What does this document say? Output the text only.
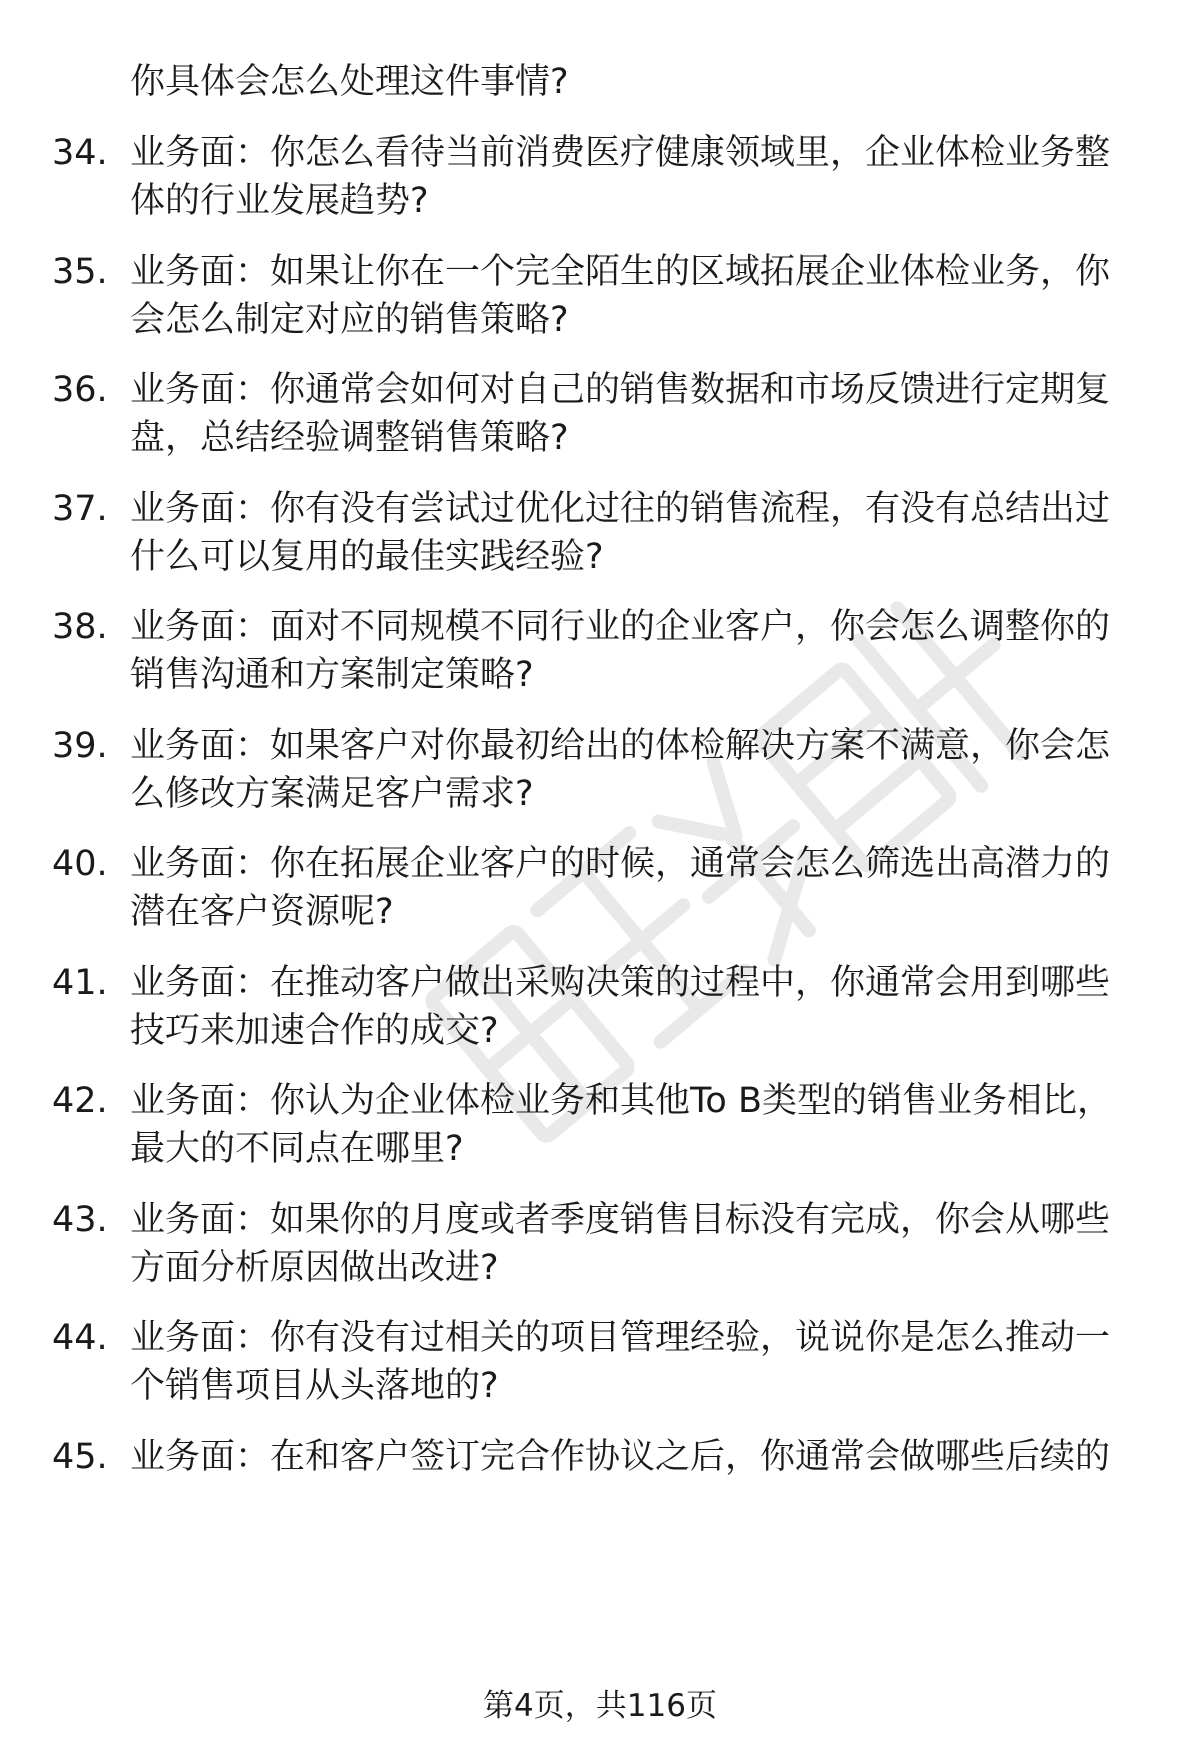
你具体会怎么处理这件事情?
34. 业务面：你怎么看待当前消费医疗健康领域里，企业体检业务整
体的行业发展趋势?
35. 业务面：如果让你在一个完全陌生的区域拓展企业体检业务，你
会怎么制定对应的销售策略?
36. 业务面：你通常会如何对自己的销售数据和市场反馈进行定期复
盘，总结经验调整销售策略?
37. 业务面：你有没有尝试过优化过往的销售流程，有没有总结出过
什么可以复用的最佳实践经验?
38. 业务面：面对不同规模不同行业的企业客户，你会怎么调整你的
销售沟通和方案制定策略?
39. 业务面：如果客户对你最初给出的体检解决方案不满意，你会怎
么修改方案满足客户需求?
40. 业务面：你在拓展企业客户的时候，通常会怎么筛选出高潜力的
潜在客户资源呢?
41. 业务面：在推动客户做出采购决策的过程中，你通常会用到哪些
技巧来加速合作的成交?
42. 业务面：你认为企业体检业务和其他To B类型的销售业务相比，
最大的不同点在哪里?
43. 业务面：如果你的月度或者季度销售目标没有完成，你会从哪些
方面分析原因做出改进?
44. 业务面：你有没有过相关的项目管理经验，说说你是怎么推动一
个销售项目从头落地的?
45. 业务面：在和客户签订完合作协议之后，你通常会做哪些后续的
第4页，共116页
